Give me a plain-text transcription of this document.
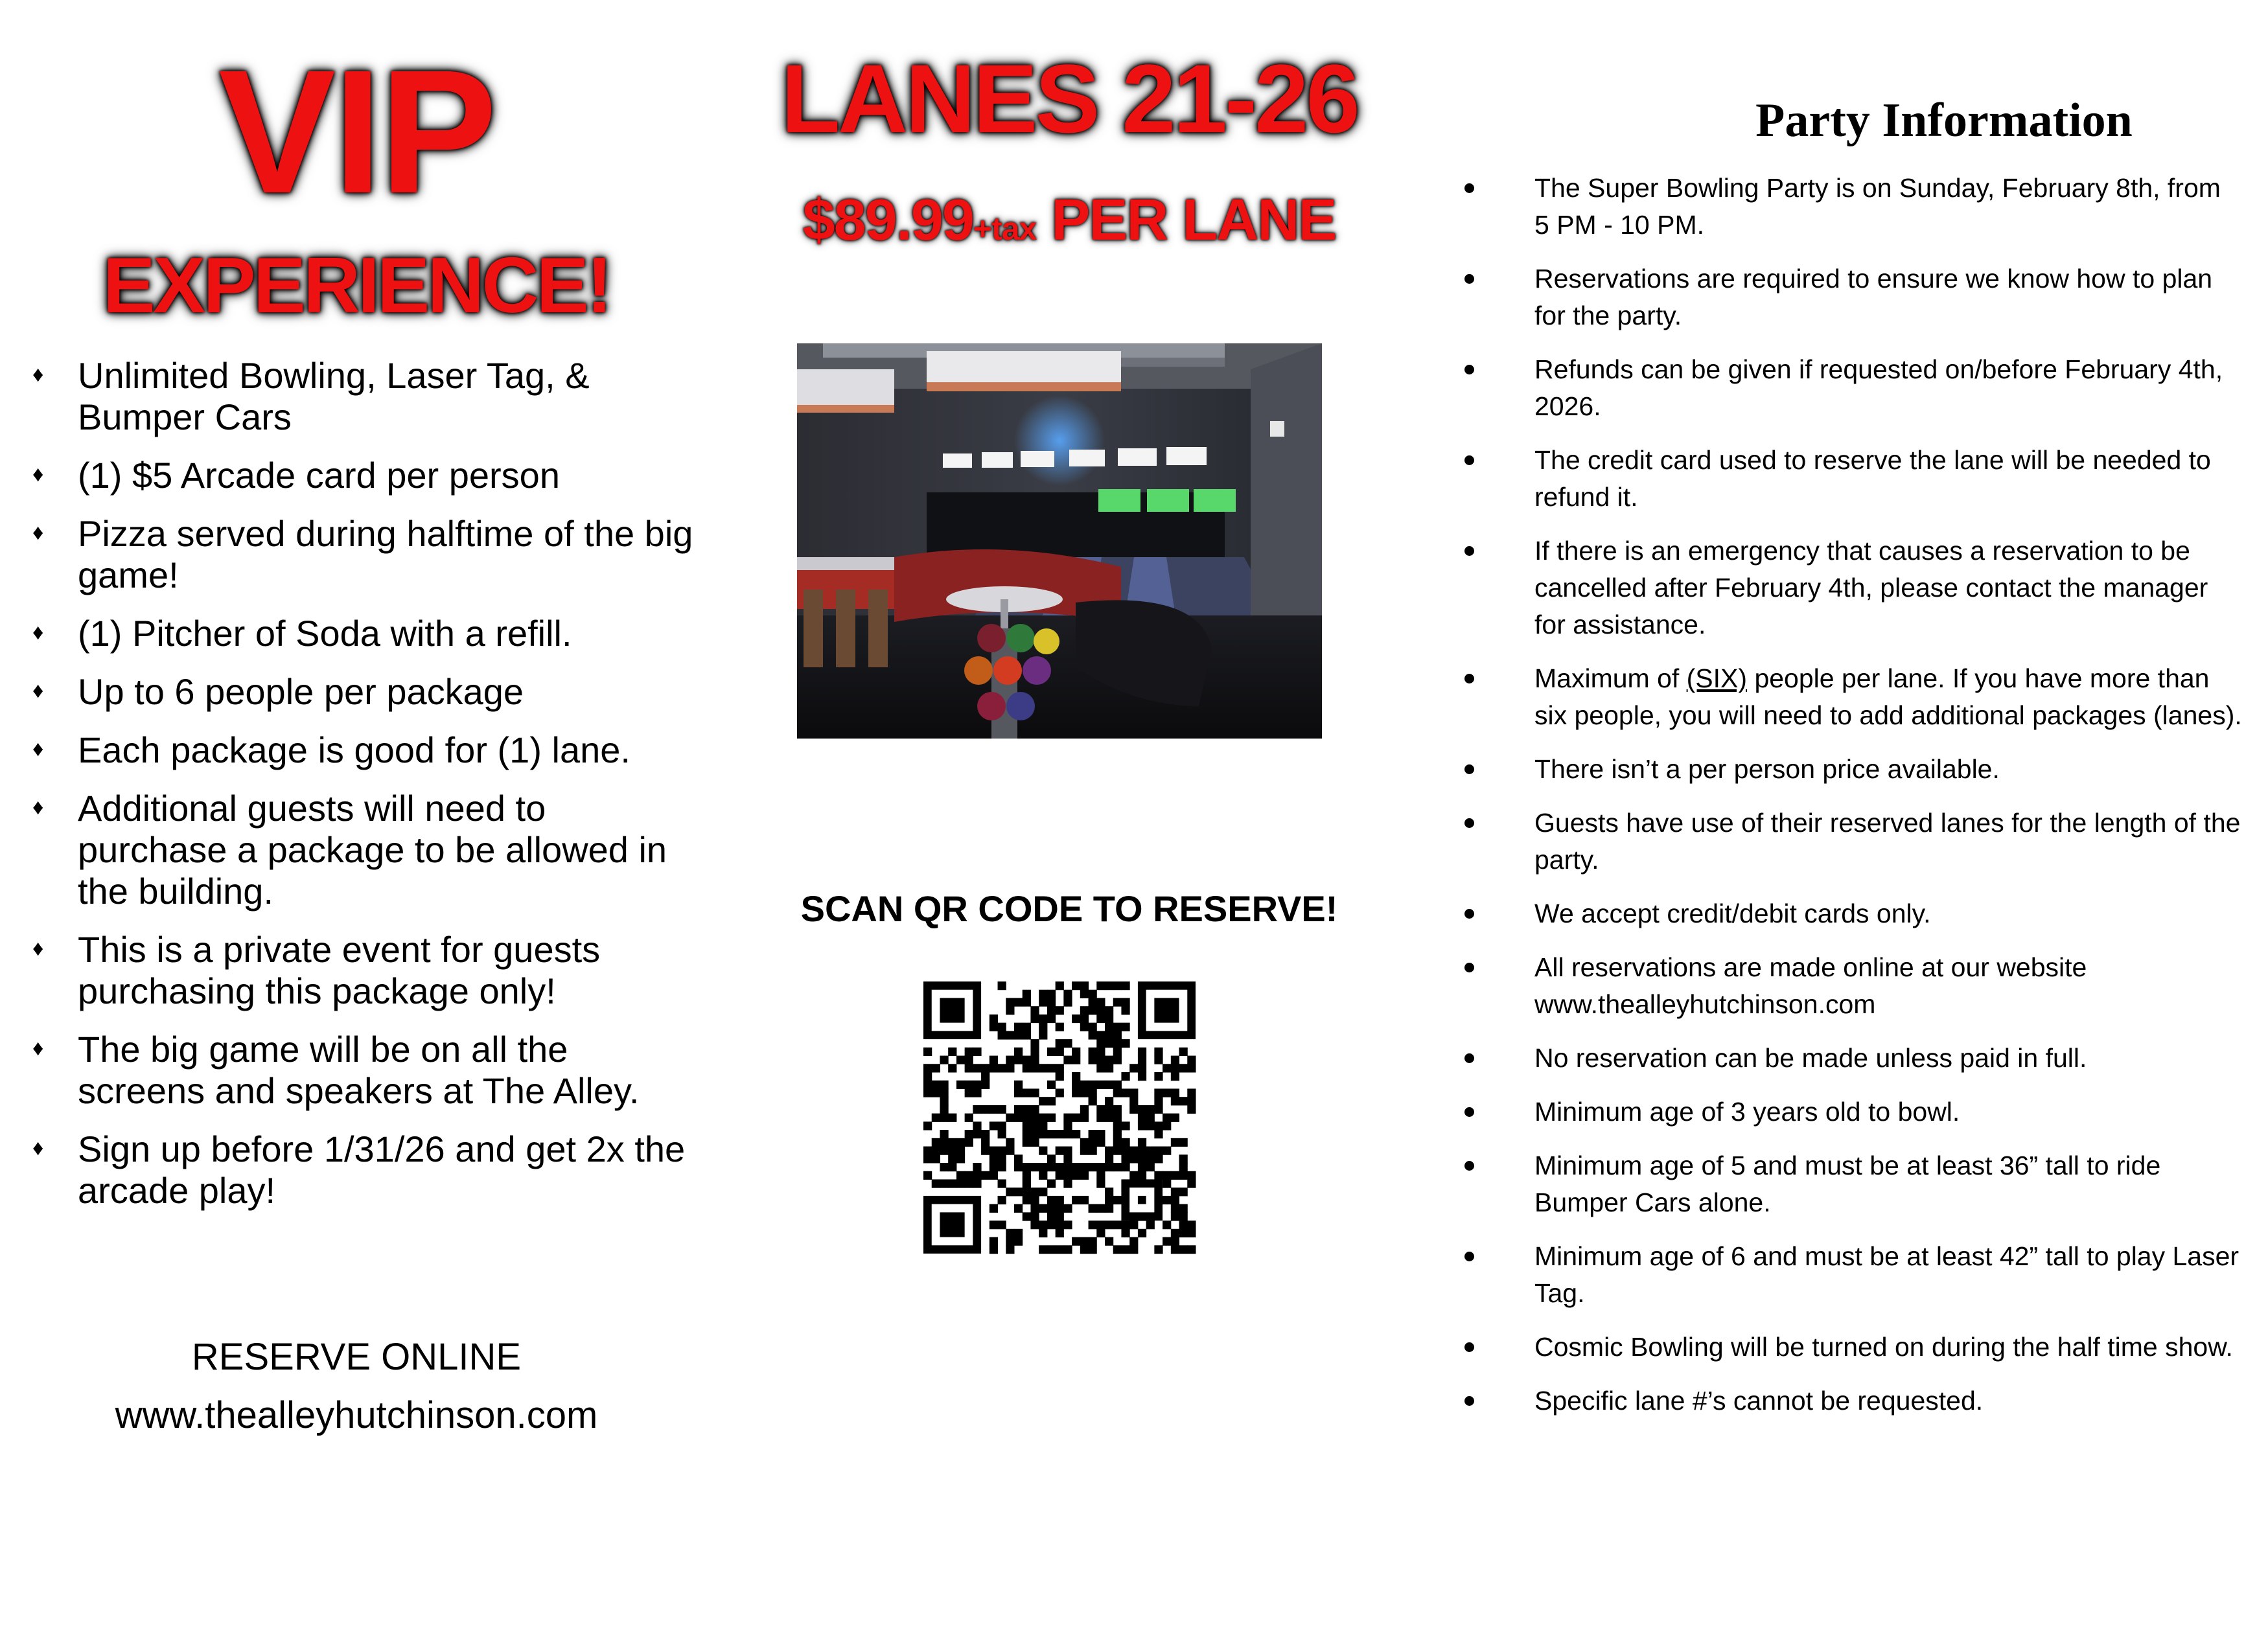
VIP
EXPERIENCE!
♦ Unlimited Bowling, Laser Tag, & Bumper Cars
♦ (1) $5 Arcade card per person
♦ Pizza served during halftime of the big game!
♦ (1) Pitcher of Soda with a refill.
♦ Up to 6 people per package
♦ Each package is good for (1) lane.
♦ Additional guests will need to purchase a package to be allowed in the building.
♦ This is a private event for guests purchasing this package only!
♦ The big game will be on all the screens and speakers at The Alley.
♦ Sign up before 1/31/26 and get 2x the arcade play!
RESERVE ONLINE
www.thealleyhutchinson.com
LANES 21-26
$89.99+tax PER LANE
SCAN QR CODE TO RESERVE!
Party Information
The Super Bowling Party is on Sunday, February 8th, from 5 PM - 10 PM.
Reservations are required to ensure we know how to plan for the party.
Refunds can be given if requested on/before February 4th, 2026.
The credit card used to reserve the lane will be needed to refund it.
If there is an emergency that causes a reservation to be cancelled after February 4th, please contact the manager for assistance.
Maximum of (SIX) people per lane. If you have more than six people, you will need to add additional packages (lanes).
There isn’t a per person price available.
Guests have use of their reserved lanes for the length of the party.
We accept credit/debit cards only.
All reservations are made online at our website www.thealleyhutchinson.com
No reservation can be made unless paid in full.
Minimum age of 3 years old to bowl.
Minimum age of 5 and must be at least 36” tall to ride Bumper Cars alone.
Minimum age of 6 and must be at least 42” tall to play Laser Tag.
Cosmic Bowling will be turned on during the half time show.
Specific lane #’s cannot be requested.
